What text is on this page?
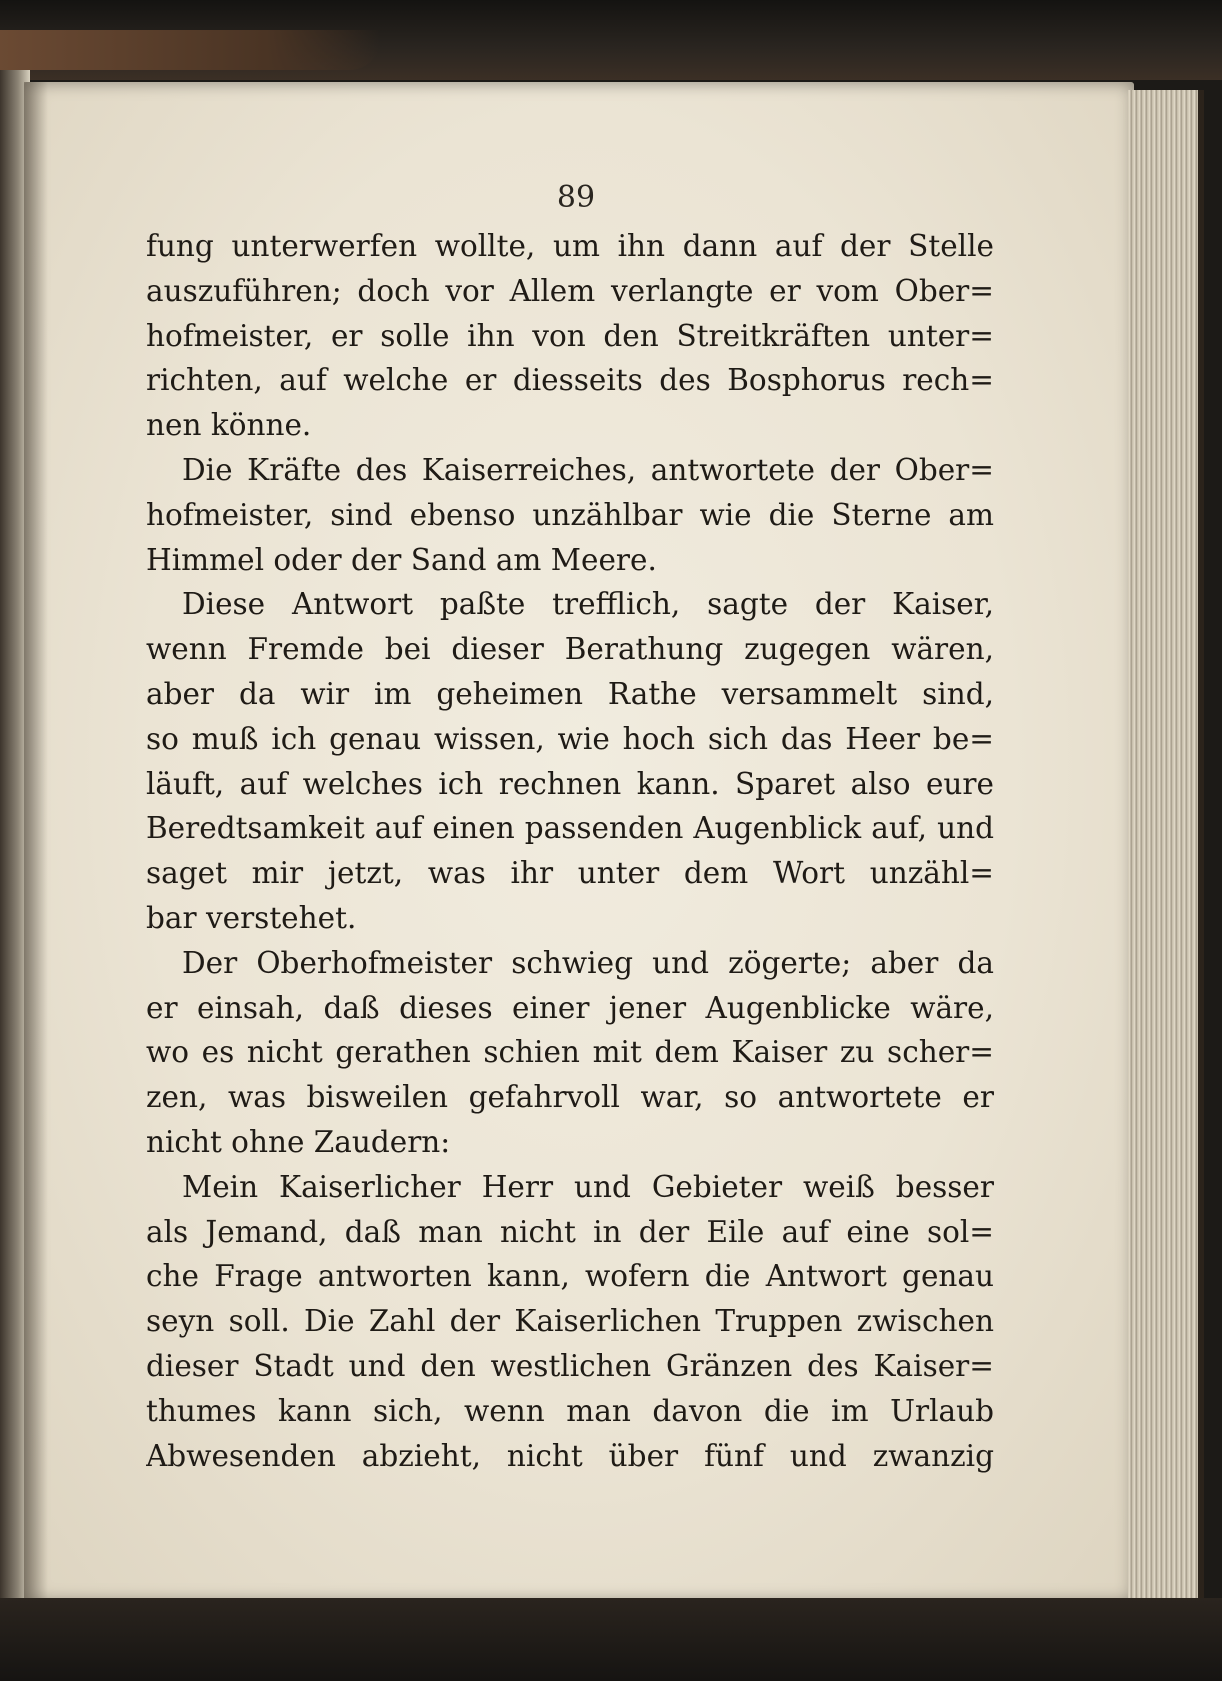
89
fung unterwerfen wollte, um ihn dann auf der Stelle
auszuführen; doch vor Allem verlangte er vom Ober=
hofmeister, er solle ihn von den Streitkräften unter=
richten, auf welche er diesseits des Bosphorus rech=
nen könne.
Die Kräfte des Kaiserreiches, antwortete der Ober=
hofmeister, sind ebenso unzählbar wie die Sterne am
Himmel oder der Sand am Meere.
Diese Antwort paßte trefflich, sagte der Kaiser,
wenn Fremde bei dieser Berathung zugegen wären,
aber da wir im geheimen Rathe versammelt sind,
so muß ich genau wissen, wie hoch sich das Heer be=
läuft, auf welches ich rechnen kann. Sparet also eure
Beredtsamkeit auf einen passenden Augenblick auf, und
saget mir jetzt, was ihr unter dem Wort unzähl=
bar verstehet.
Der Oberhofmeister schwieg und zögerte; aber da
er einsah, daß dieses einer jener Augenblicke wäre,
wo es nicht gerathen schien mit dem Kaiser zu scher=
zen, was bisweilen gefahrvoll war, so antwortete er
nicht ohne Zaudern:
Mein Kaiserlicher Herr und Gebieter weiß besser
als Jemand, daß man nicht in der Eile auf eine sol=
che Frage antworten kann, wofern die Antwort genau
seyn soll. Die Zahl der Kaiserlichen Truppen zwischen
dieser Stadt und den westlichen Gränzen des Kaiser=
thumes kann sich, wenn man davon die im Urlaub
Abwesenden abzieht, nicht über fünf und zwanzig
